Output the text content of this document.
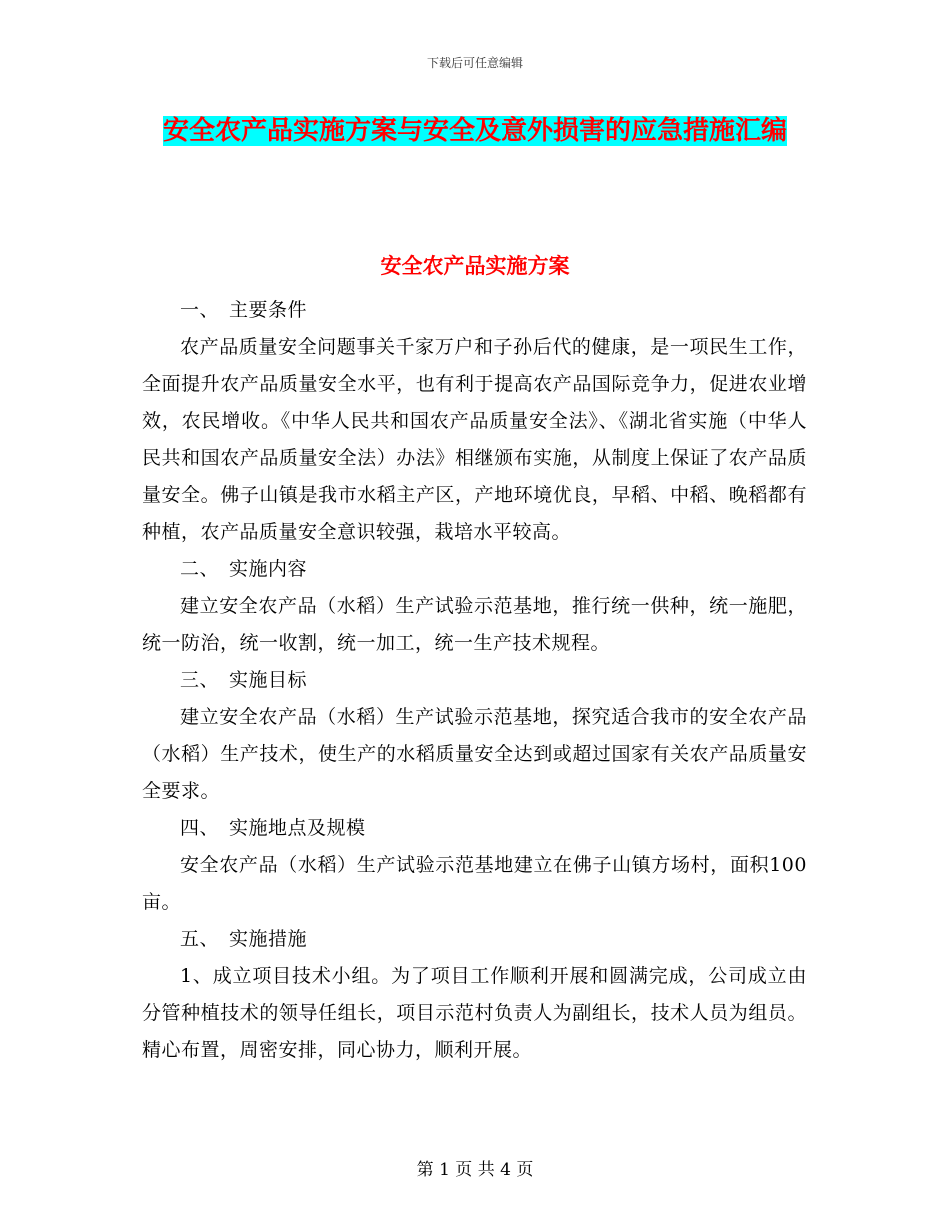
下载后可任意编辑
安全农产品实施方案与安全及意外损害的应急措施汇编
安全农产品实施方案

一、　主要条件

农产品质量安全问题事关千家万户和子孙后代的健康，是一项民生工作，全面提升农产品质量安全水平，也有利于提高农产品国际竞争力，促进农业增效，农民增收。《中华人民共和国农产品质量安全法》、《湖北省实施（中华人民共和国农产品质量安全法）办法》相继颁布实施，从制度上保证了农产品质量安全。佛子山镇是我市水稻主产区，产地环境优良，早稻、中稻、晚稻都有种植，农产品质量安全意识较强，栽培水平较高。

二、　实施内容

建立安全农产品（水稻）生产试验示范基地，推行统一供种，统一施肥，统一防治，统一收割，统一加工，统一生产技术规程。

三、　实施目标

建立安全农产品（水稻）生产试验示范基地，探究适合我市的安全农产品（水稻）生产技术，使生产的水稻质量安全达到或超过国家有关农产品质量安全要求。

四、　实施地点及规模

安全农产品（水稻）生产试验示范基地建立在佛子山镇方场村，面积100亩。

五、　实施措施

1、成立项目技术小组。为了项目工作顺利开展和圆满完成，公司成立由分管种植技术的领导任组长，项目示范村负责人为副组长，技术人员为组员。精心布置，周密安排，同心协力，顺利开展。

第 1 页 共 4 页
